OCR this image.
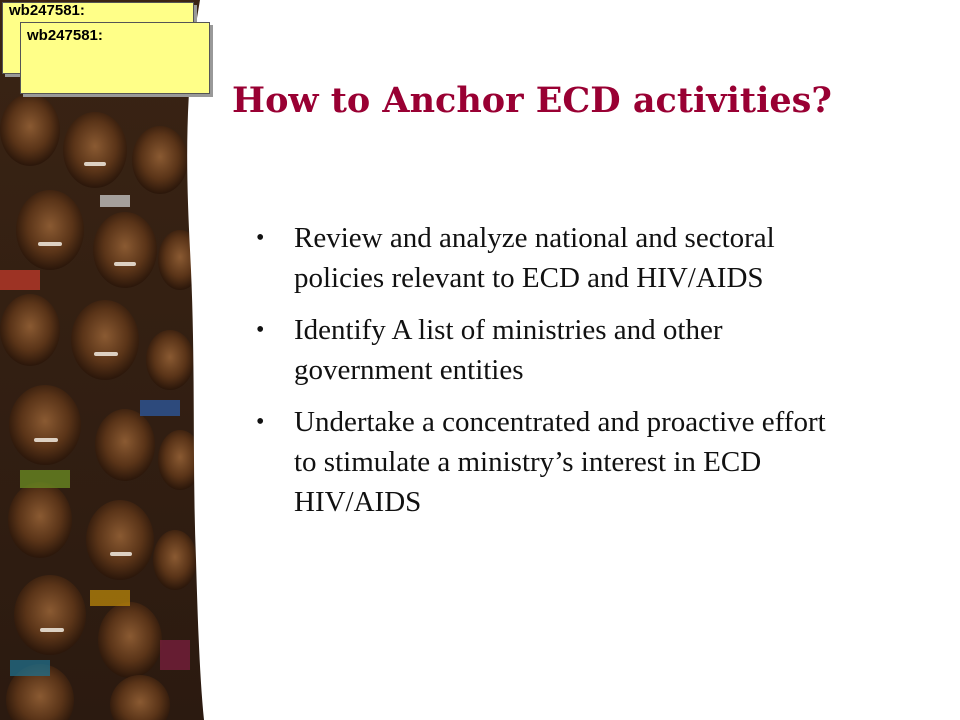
wb247581:
wb247581:
How to Anchor ECD activities?
• Review and analyze national and sectoral policies relevant to ECD and HIV/AIDS
• Identify A list of ministries and other government entities
• Undertake a concentrated and proactive effort to stimulate a ministry’s interest in ECD HIV/AIDS
